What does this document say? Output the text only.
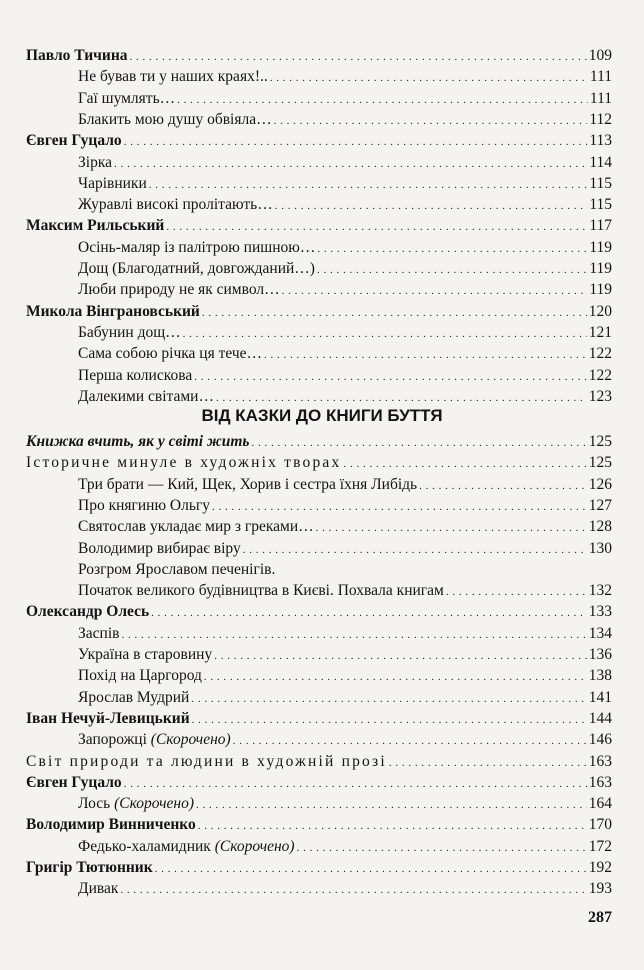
Павло Тичина . . .	109
Не бував ти у наших краях!.. . . .	111
Гаї шумлять… . . .	111
Блакить мою душу обвіяла… . . .	112
Євген Гуцало . . .	113
Зірка . . .	114
Чарівники . . .	115
Журавлі високі пролітають… . . .	115
Максим Рильський . . .	117
Осінь-маляр із палітрою пишною… . . .	119
Дощ (Благодатний, довгожданий…) . . .	119
Люби природу не як символ… . . .	119
Микола Вінграновський . . .	120
Бабунин дощ… . . .	121
Сама собою річка ця тече… . . .	122
Перша колискова . . .	122
Далекими світами… . . .	123
Книжка вчить, як у світі жить . . .	125
Історичне минуле в художніх творах . . .	125
Три брати — Кий, Щек, Хорив і сестра їхня Либідь . . .	126
Про княгиню Ольгу . . .	127
Святослав укладає мир з греками… . . .	128
Володимир вибирає віру . . .	130
Розгром Ярославом печенігів.
Початок великого будівництва в Києві. Похвала книгам . . .	132
Олександр Олесь . . .	133
Заспів . . .	134
Україна в старовину . . .	136
Похід на Царгород . . .	138
Ярослав Мудрий . . .	141
Іван Нечуй-Левицький . . .	144
Запорожці (Скорочено) . . .	146
Світ природи та людини в художній прозі . . .	163
Євген Гуцало . . .	163
Лось (Скорочено) . . .	164
Володимир Винниченко . . .	170
Федько-халамидник (Скорочено) . . .	172
Григір Тютюнник . . .	192
Дивак . . .	193
ВІД КАЗКИ ДО КНИГИ БУТТЯ
287
